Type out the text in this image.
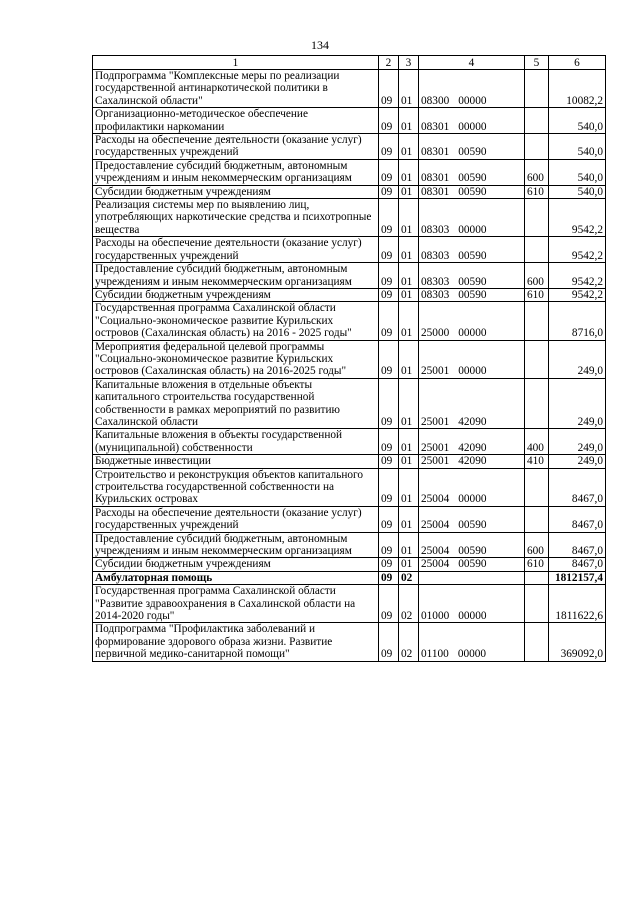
134
1	2	3	4	5	6
Подпрограмма "Комплексные меры по реализации государственной антинаркотической политики в Сахалинской области"	09	01	08300 00000		10082,2
Организационно-методическое обеспечение профилактики наркомании	09	01	08301 00000		540,0
Расходы на обеспечение деятельности (оказание услуг) государственных учреждений	09	01	08301 00590		540,0
Предоставление субсидий бюджетным, автономным учреждениям и иным некоммерческим организациям	09	01	08301 00590	600	540,0
Субсидии бюджетным учреждениям	09	01	08301 00590	610	540,0
Реализация системы мер по выявлению лиц, употребляющих наркотические средства и психотропные вещества	09	01	08303 00000		9542,2
Расходы на обеспечение деятельности (оказание услуг) государственных учреждений	09	01	08303 00590		9542,2
Предоставление субсидий бюджетным, автономным учреждениям и иным некоммерческим организациям	09	01	08303 00590	600	9542,2
Субсидии бюджетным учреждениям	09	01	08303 00590	610	9542,2
Государственная программа Сахалинской области "Социально-экономическое развитие Курильских островов (Сахалинская область) на 2016 - 2025 годы"	09	01	25000 00000		8716,0
Мероприятия федеральной целевой программы "Социально-экономическое развитие Курильских островов (Сахалинская область) на 2016-2025 годы"	09	01	25001 00000		249,0
Капитальные вложения в отдельные объекты капитального строительства государственной собственности в рамках мероприятий по развитию Сахалинской области	09	01	25001 42090		249,0
Капитальные вложения в объекты государственной (муниципальной) собственности	09	01	25001 42090	400	249,0
Бюджетные инвестиции	09	01	25001 42090	410	249,0
Строительство и реконструкция объектов капитального строительства государственной собственности на Курильских островах	09	01	25004 00000		8467,0
Расходы на обеспечение деятельности (оказание услуг) государственных учреждений	09	01	25004 00590		8467,0
Предоставление субсидий бюджетным, автономным учреждениям и иным некоммерческим организациям	09	01	25004 00590	600	8467,0
Субсидии бюджетным учреждениям	09	01	25004 00590	610	8467,0
Амбулаторная помощь	09	02			1812157,4
Государственная программа Сахалинской области "Развитие здравоохранения в Сахалинской области на 2014-2020 годы"	09	02	01000 00000		1811622,6
Подпрограмма "Профилактика заболеваний и формирование здорового образа жизни. Развитие первичной медико-санитарной помощи"	09	02	01100 00000		369092,0
